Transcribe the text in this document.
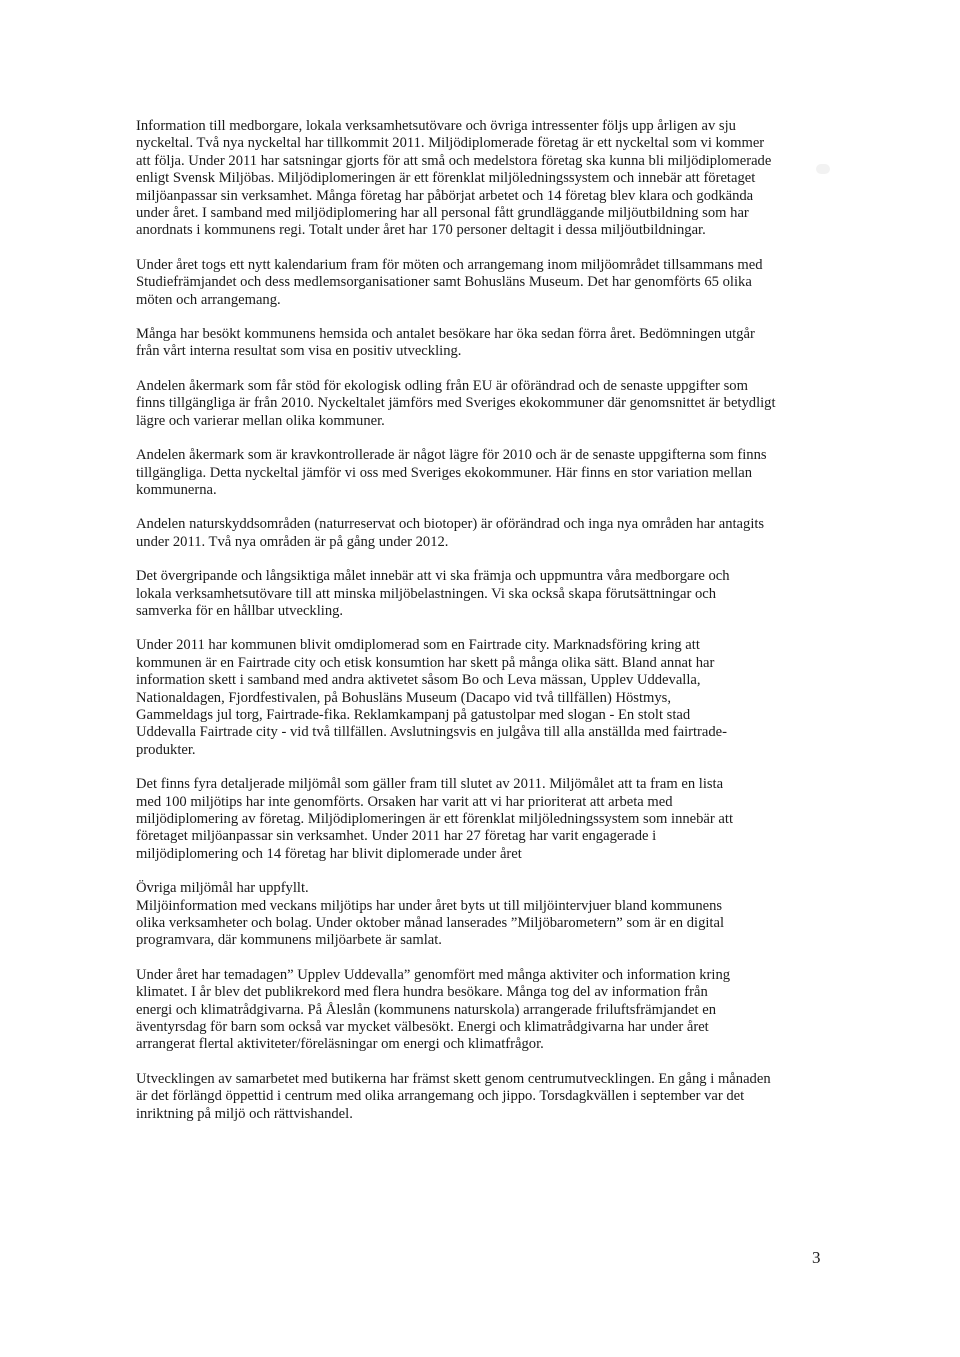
Information till medborgare, lokala verksamhetsutövare och övriga intressenter följs upp årligen av sju
nyckeltal. Två nya nyckeltal har tillkommit 2011. Miljödiplomerade företag är ett nyckeltal som vi kommer
att följa. Under 2011 har satsningar gjorts för att små och medelstora företag ska kunna bli miljödiplomerade
enligt Svensk Miljöbas. Miljödiplomeringen är ett förenklat miljöledningssystem och innebär att företaget
miljöanpassar sin verksamhet. Många företag har påbörjat arbetet och 14 företag blev klara och godkända
under året. I samband med miljödiplomering har all personal fått grundläggande miljöutbildning som har
anordnats i kommunens regi. Totalt under året har 170 personer deltagit i dessa miljöutbildningar.

Under året togs ett nytt kalendarium fram för möten och arrangemang inom miljöområdet tillsammans med
Studiefrämjandet och dess medlemsorganisationer samt Bohusläns Museum. Det har genomförts 65 olika
möten och arrangemang.

Många har besökt kommunens hemsida och antalet besökare har öka sedan förra året. Bedömningen utgår
från vårt interna resultat som visa en positiv utveckling.

Andelen åkermark som får stöd för ekologisk odling från EU är oförändrad och de senaste uppgifter som
finns tillgängliga är från 2010. Nyckeltalet jämförs med Sveriges ekokommuner där genomsnittet är betydligt
lägre och varierar mellan olika kommuner.

Andelen åkermark som är kravkontrollerade är något lägre för 2010 och är de senaste uppgifterna som finns
tillgängliga. Detta nyckeltal jämför vi oss med Sveriges ekokommuner. Här finns en stor variation mellan
kommunerna.

Andelen naturskyddsområden (naturreservat och biotoper) är oförändrad och inga nya områden har antagits
under 2011. Två nya områden är på gång under 2012.

Det övergripande och långsiktiga målet innebär att vi ska främja och uppmuntra våra medborgare och
lokala verksamhetsutövare till att minska miljöbelastningen. Vi ska också skapa förutsättningar och
samverka för en hållbar utveckling.

Under 2011 har kommunen blivit omdiplomerad som en Fairtrade city. Marknadsföring kring att
kommunen är en Fairtrade city och etisk konsumtion har skett på många olika sätt. Bland annat har
information skett i samband med andra aktivetet såsom Bo och Leva mässan, Upplev Uddevalla,
Nationaldagen, Fjordfestivalen, på Bohusläns Museum (Dacapo vid två tillfällen) Höstmys,
Gammeldags jul torg, Fairtrade-fika. Reklamkampanj på gatustolpar med slogan - En stolt stad
Uddevalla Fairtrade city - vid två tillfällen. Avslutningsvis en julgåva till alla anställda med fairtrade-
produkter.

Det finns fyra detaljerade miljömål som gäller fram till slutet av 2011. Miljömålet att ta fram en lista
med 100 miljötips har inte genomförts. Orsaken har varit att vi har prioriterat att arbeta med
miljödiplomering av företag. Miljödiplomeringen är ett förenklat miljöledningssystem som innebär att
företaget miljöanpassar sin verksamhet. Under 2011 har 27 företag har varit engagerade i
miljödiplomering och 14 företag har blivit diplomerade under året

Övriga miljömål har uppfyllt.

Miljöinformation med veckans miljötips har under året byts ut till miljöintervjuer bland kommunens
olika verksamheter och bolag. Under oktober månad lanserades ”Miljöbarometern” som är en digital
programvara, där kommunens miljöarbete är samlat.

Under året har temadagen” Upplev Uddevalla” genomfört med många aktiviter och information kring
klimatet. I år blev det publikrekord med flera hundra besökare. Många tog del av information från
energi och klimatrådgivarna. På Åleslån (kommunens naturskola) arrangerade friluftsfrämjandet en
äventyrsdag för barn som också var mycket välbesökt. Energi och klimatrådgivarna har under året
arrangerat flertal aktiviteter/föreläsningar om energi och klimatfrågor.

Utvecklingen av samarbetet med butikerna har främst skett genom centrumutvecklingen. En gång i månaden
är det förlängd öppettid i centrum med olika arrangemang och jippo. Torsdagkvällen i september var det
inriktning på miljö och rättvishandel.

3
